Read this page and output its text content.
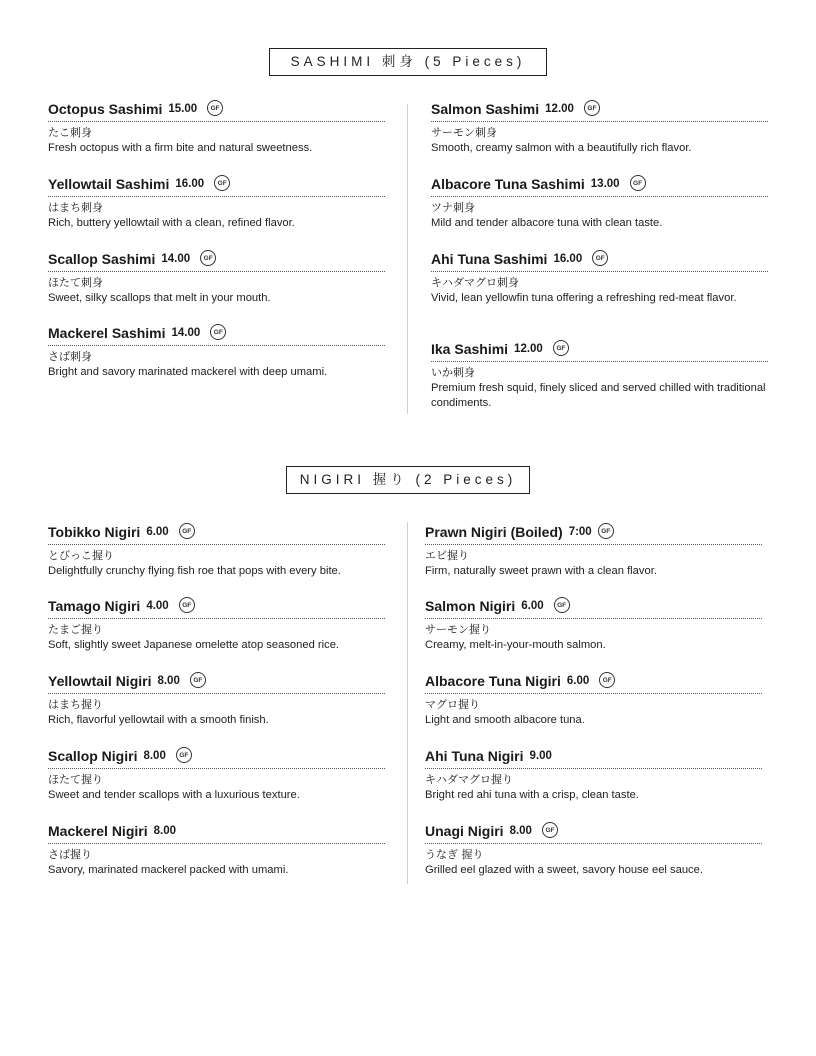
SASHIMI 刺身 (5 Pieces)
Octopus Sashimi 15.00	GF
たこ刺身
Fresh octopus with a firm bite and natural sweetness.
Yellowtail Sashimi 16.00	GF
はまち刺身
Rich, buttery yellowtail with a clean, refined flavor.
Scallop Sashimi 14.00	GF
ほたて刺身
Sweet, silky scallops that melt in your mouth.
Mackerel Sashimi 14.00	GF
さば刺身
Bright and savory marinated mackerel with deep umami.
Salmon Sashimi 12.00	GF
サーモン刺身
Smooth, creamy salmon with a beautifully rich flavor.
Albacore Tuna Sashimi 13.00	GF
ツナ刺身
Mild and tender albacore tuna with clean taste.
Ahi Tuna Sashimi 16.00	GF
キハダマグロ刺身
Vivid, lean yellowfin tuna offering a refreshing red-meat flavor.
Ika Sashimi 12.00	GF
いか刺身
Premium fresh squid, finely sliced and served chilled with traditional condiments.
NIGIRI 握り (2 Pieces)
Tobikko Nigiri 6.00	GF
とびっこ握り
Delightfully crunchy flying fish roe that pops with every bite.
Tamago Nigiri 4.00	GF
たまご握り
Soft, slightly sweet Japanese omelette atop seasoned rice.
Yellowtail Nigiri 8.00	GF
はまち握り
Rich, flavorful yellowtail with a smooth finish.
Scallop Nigiri 8.00	GF
ほたて握り
Sweet and tender scallops with a luxurious texture.
Mackerel Nigiri 8.00
さば握り
Savory, marinated mackerel packed with umami.
Prawn Nigiri (Boiled) 7:00	GF
エビ握り
Firm, naturally sweet prawn with a clean flavor.
Salmon Nigiri 6.00	GF
サーモン握り
Creamy, melt-in-your-mouth salmon.
Albacore Tuna Nigiri 6.00	GF
マグロ握り
Light and smooth albacore tuna.
Ahi Tuna Nigiri 9.00
キハダマグロ握り
Bright red ahi tuna with a crisp, clean taste.
Unagi Nigiri 8.00	GF
うなぎ 握り
Grilled eel glazed with a sweet, savory house eel sauce.
